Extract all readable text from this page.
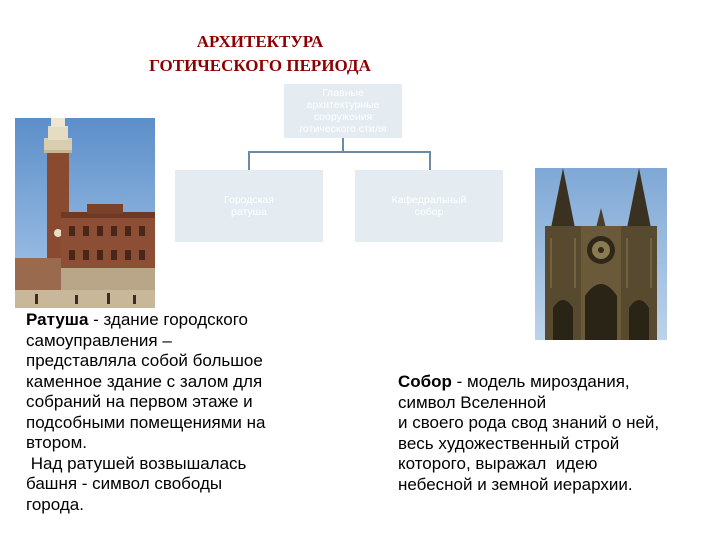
АРХИТЕКТУРА
ГОТИЧЕСКОГО ПЕРИОДА
Главные
архитектурные
сооружения
готического стиля
Городская
ратуша
Кафедральный
собор
Ратуша - здание городского
самоуправления –
представляла собой большое
каменное здание с залом для
собраний на первом этаже и
подсобными помещениями на
втором.
Над ратушей возвышалась
башня - символ свободы
города.
Собор - модель мироздания,
символ Вселенной
и своего рода свод знаний о ней,
весь художественный строй
которого, выражал  идею
небесной и земной иерархии.
